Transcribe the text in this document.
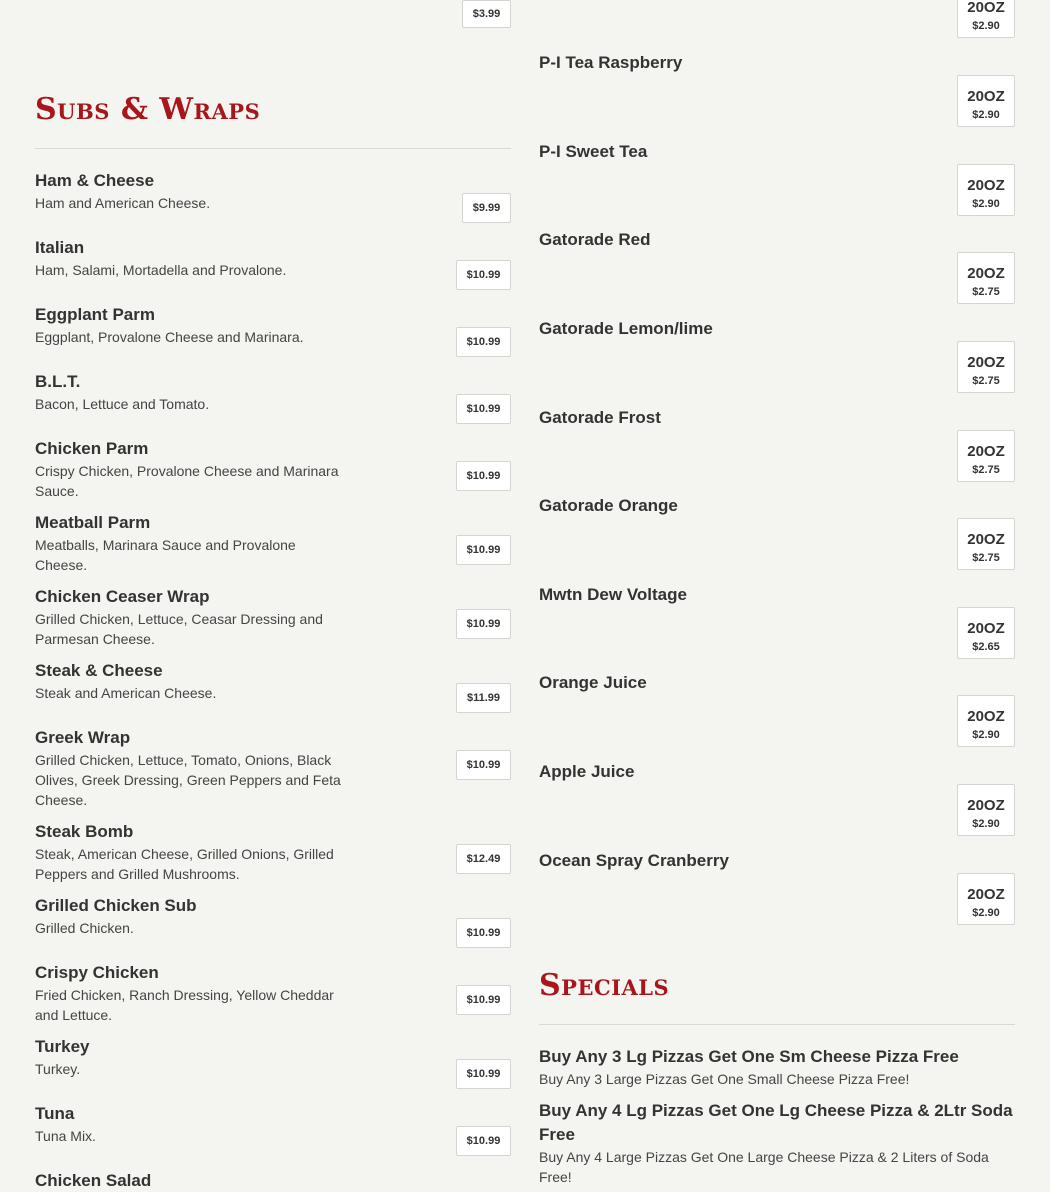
$3.99
Subs & Wraps
Ham & Cheese
Ham and American Cheese.	$9.99
Italian
Ham, Salami, Mortadella and Provalone.	$10.99
Eggplant Parm
Eggplant, Provalone Cheese and Marinara.	$10.99
B.L.T.
Bacon, Lettuce and Tomato.	$10.99
Chicken Parm
Crispy Chicken, Provalone Cheese and Marinara Sauce.
$10.99
Meatball Parm
Meatballs, Marinara Sauce and Provalone Cheese.
$10.99
Chicken Ceaser Wrap
Grilled Chicken, Lettuce, Ceasar Dressing and Parmesan Cheese.
$10.99
Steak & Cheese
Steak and American Cheese.	$11.99
Greek Wrap
Grilled Chicken, Lettuce, Tomato, Onions, Black Olives, Greek Dressing, Green Peppers and Feta Cheese.
$10.99
Steak Bomb
Steak, American Cheese, Grilled Onions, Grilled Peppers and Grilled Mushrooms.
$12.49
Grilled Chicken Sub
Grilled Chicken.	$10.99
Crispy Chicken
Fried Chicken, Ranch Dressing, Yellow Cheddar and Lettuce.
$10.99
Turkey
Turkey.	$10.99
Tuna
Tuna Mix.	$10.99
Chicken Salad
20OZ
$2.90
P-I Tea Raspberry
20OZ
$2.90
P-I Sweet Tea
20OZ
$2.90
Gatorade Red
20OZ
$2.75
Gatorade Lemon/lime
20OZ
$2.75
Gatorade Frost
20OZ
$2.75
Gatorade Orange
20OZ
$2.75
Mwtn Dew Voltage
20OZ
$2.65
Orange Juice
20OZ
$2.90
Apple Juice
20OZ
$2.90
Ocean Spray Cranberry
20OZ
$2.90
Specials
Buy Any 3 Lg Pizzas Get One Sm Cheese Pizza Free
Buy Any 3 Large Pizzas Get One Small Cheese Pizza Free!
Buy Any 4 Lg Pizzas Get One Lg Cheese Pizza & 2Ltr Soda Free
Buy Any 4 Large Pizzas Get One Large Cheese Pizza & 2 Liters of Soda Free!
